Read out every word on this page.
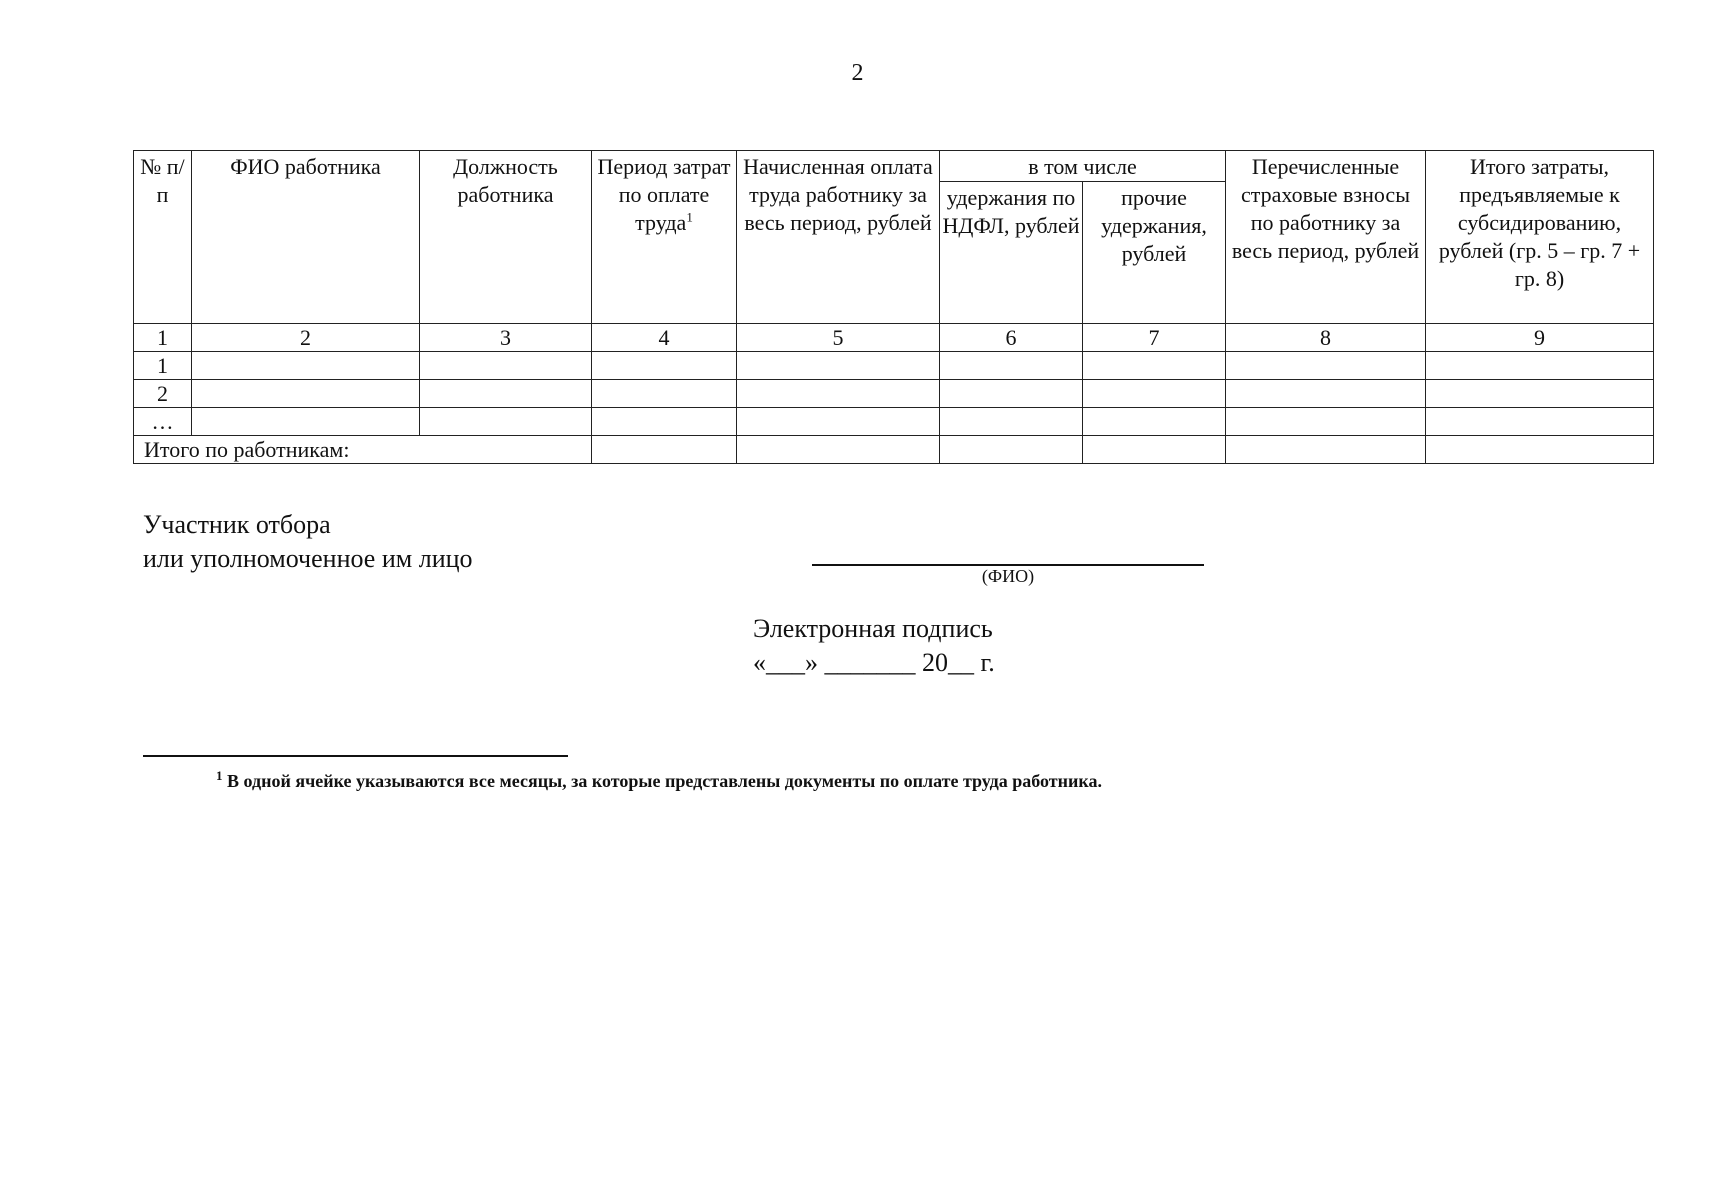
2
№ п/п	ФИО работника	Должность работника	Период затрат по оплате труда$^1$	Начисленная оплата труда работнику за весь период, рублей	в том числе		Перечисленные страховые взносы по работнику за весь период, рублей	Итого затраты, предъявляемые к субсидированию, рублей (гр. 5 – гр. 7 + гр. 8)
					удержания по НДФЛ, рублей	прочие удержания, рублей		
1	2	3	4	5	6	7	8	9
1								
2								
…								
Итого по работникам:								
Участник отбора
или уполномоченное им лицо
(ФИО)
Электронная подпись
«___» _______ 20__ г.
$^1$ В одной ячейке указываются все месяцы, за которые представлены документы по оплате труда работника.
